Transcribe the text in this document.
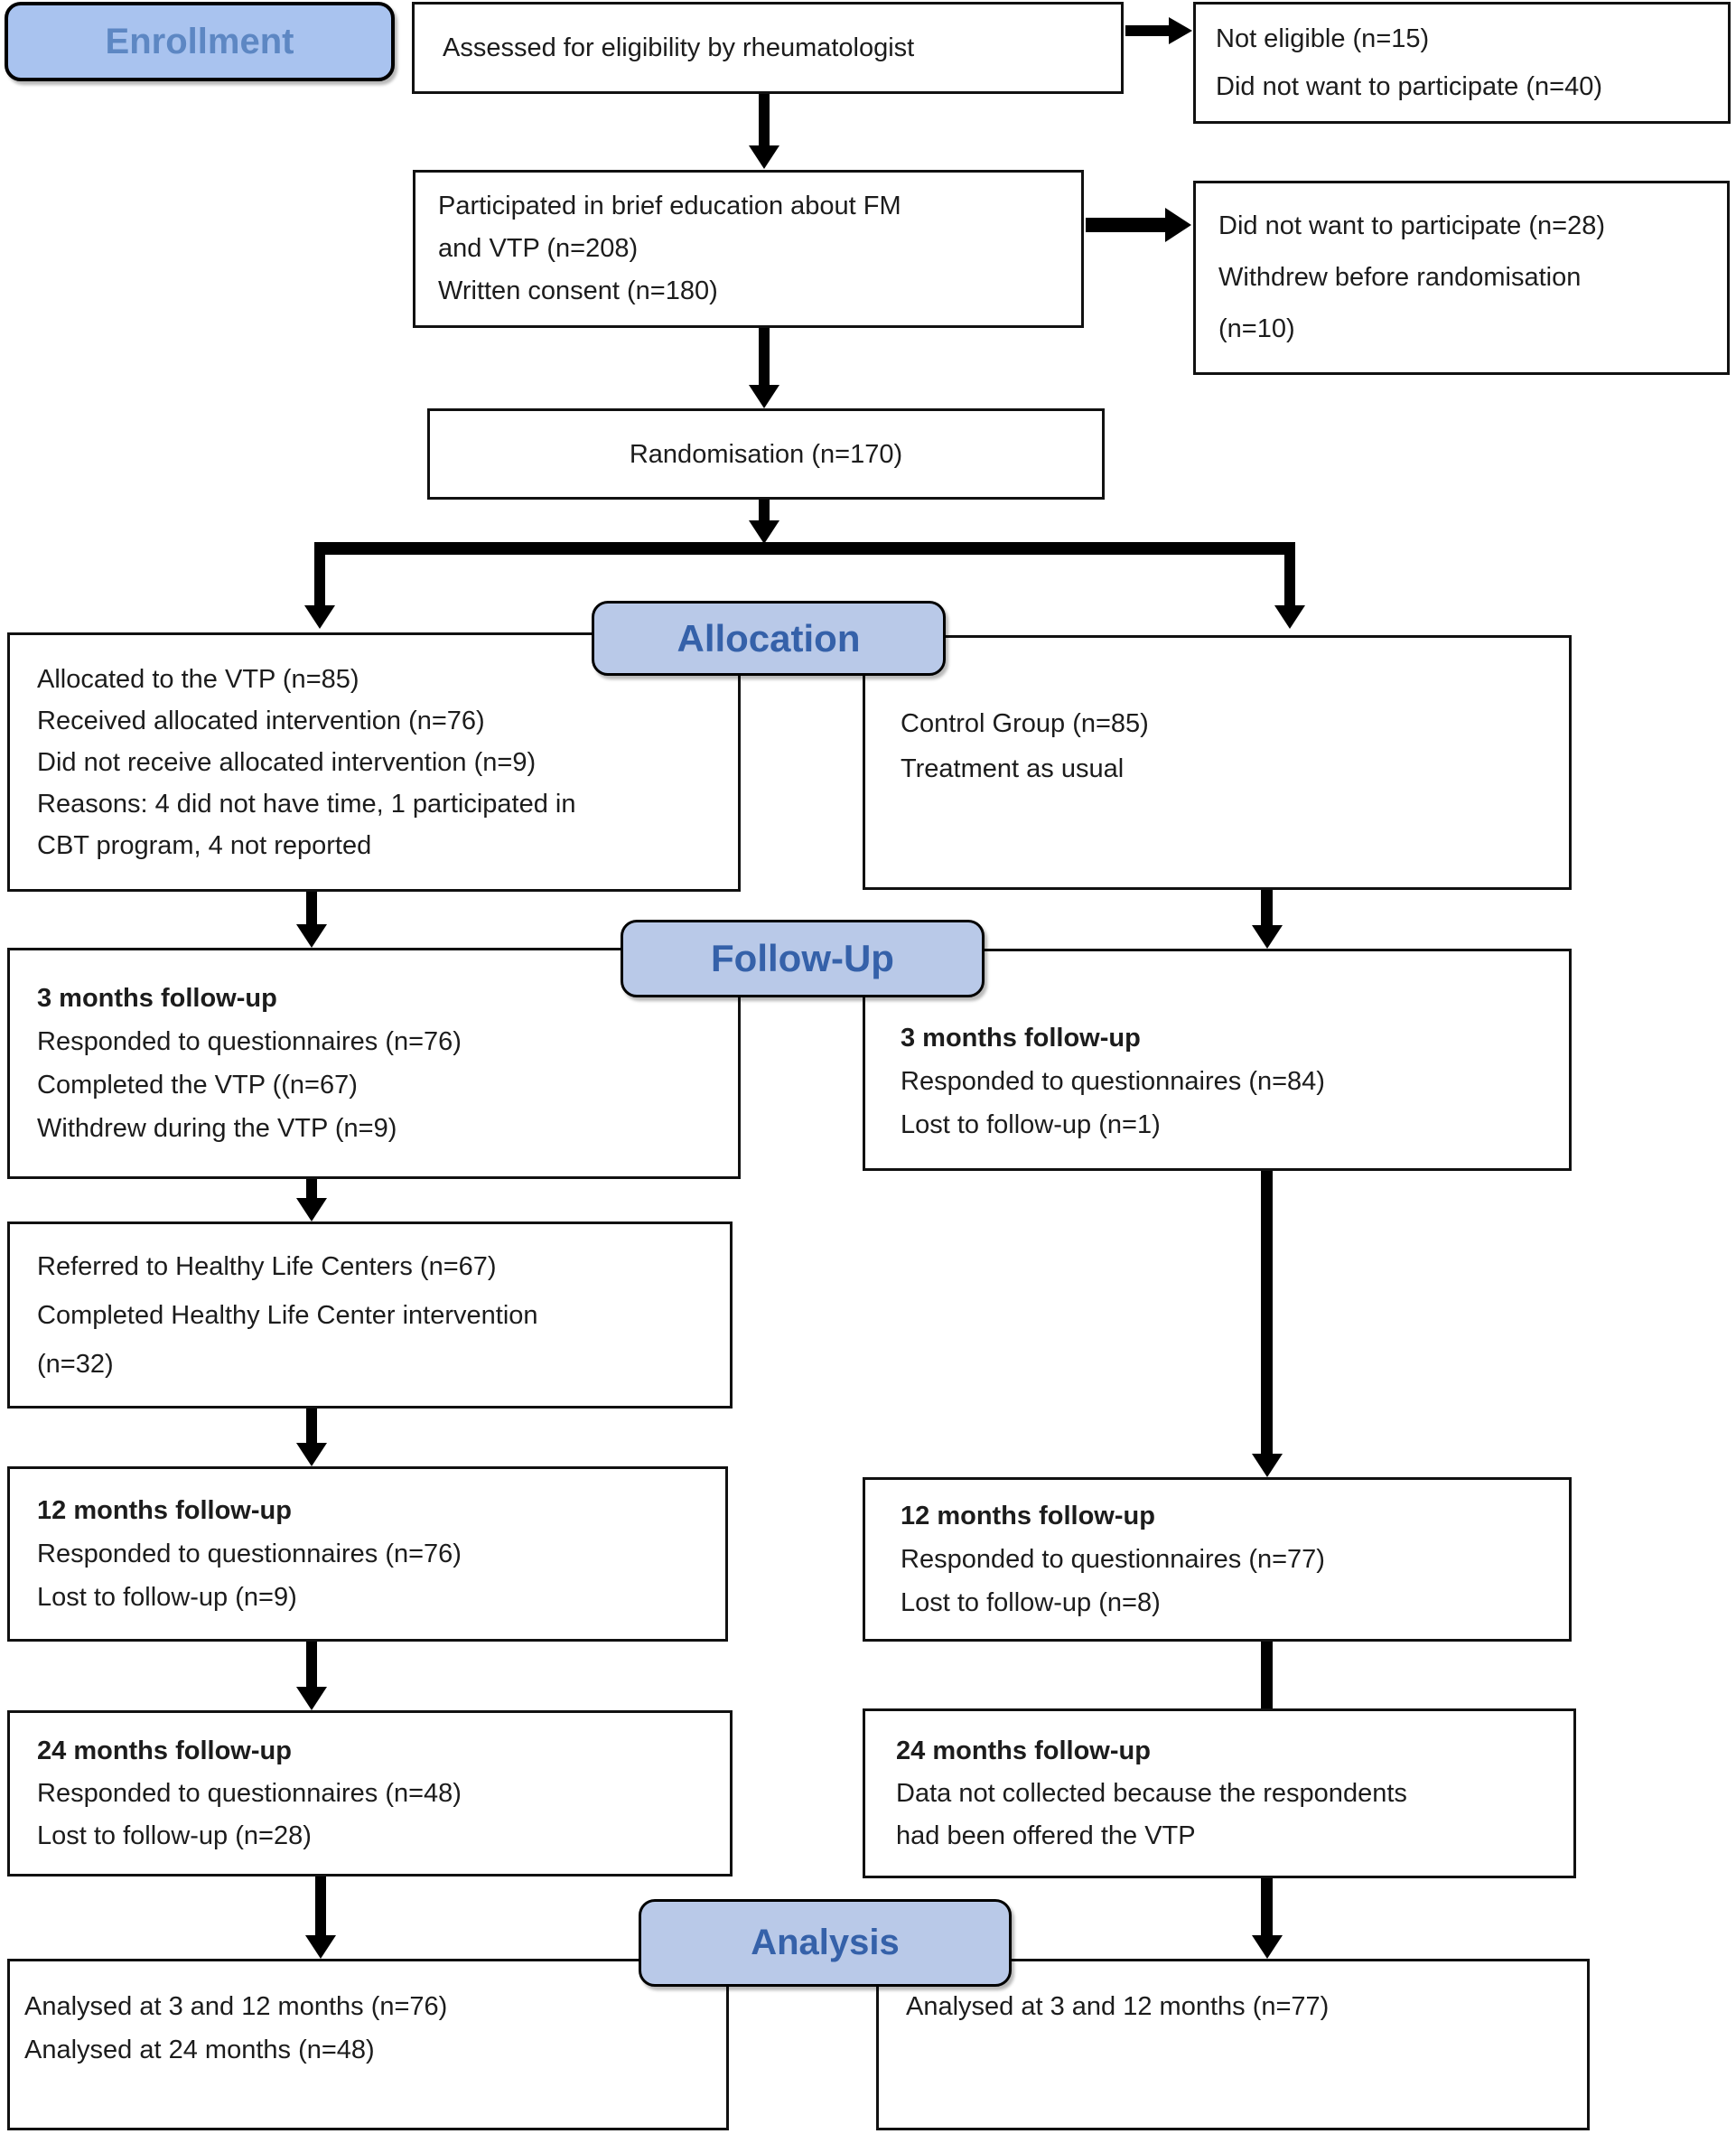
Enrollment
Allocation
Follow-Up
Analysis
Assessed for eligibility by rheumatologist	Not eligible (n=15)
Did not want to participate (n=40)
Participated in brief education about FM
and VTP (n=208)
Written consent (n=180)
Did not want to participate (n=28)
Withdrew before randomisation
(n=10)
Randomisation (n=170)
Allocated to the VTP (n=85)
Received allocated intervention (n=76)
Did not receive allocated intervention (n=9)
Reasons: 4 did not have time, 1 participated in
CBT program, 4 not reported
Control Group (n=85)
Treatment as usual
3 months follow-up
Responded to questionnaires (n=76)
Completed the VTP ((n=67)
Withdrew during the VTP (n=9)
3 months follow-up
Responded to questionnaires (n=84)
Lost to follow-up (n=1)
Referred to Healthy Life Centers (n=67)
Completed Healthy Life Center intervention
(n=32)
12 months follow-up
Responded to questionnaires (n=76)
Lost to follow-up (n=9)
12 months follow-up
Responded to questionnaires (n=77)
Lost to follow-up (n=8)
24 months follow-up
Responded to questionnaires (n=48)
Lost to follow-up (n=28)
24 months follow-up
Data not collected because the respondents
had been offered the VTP
Analysed at 3 and 12 months (n=76)
Analysed at 24 months (n=48)
Analysed at 3 and 12 months (n=77)
